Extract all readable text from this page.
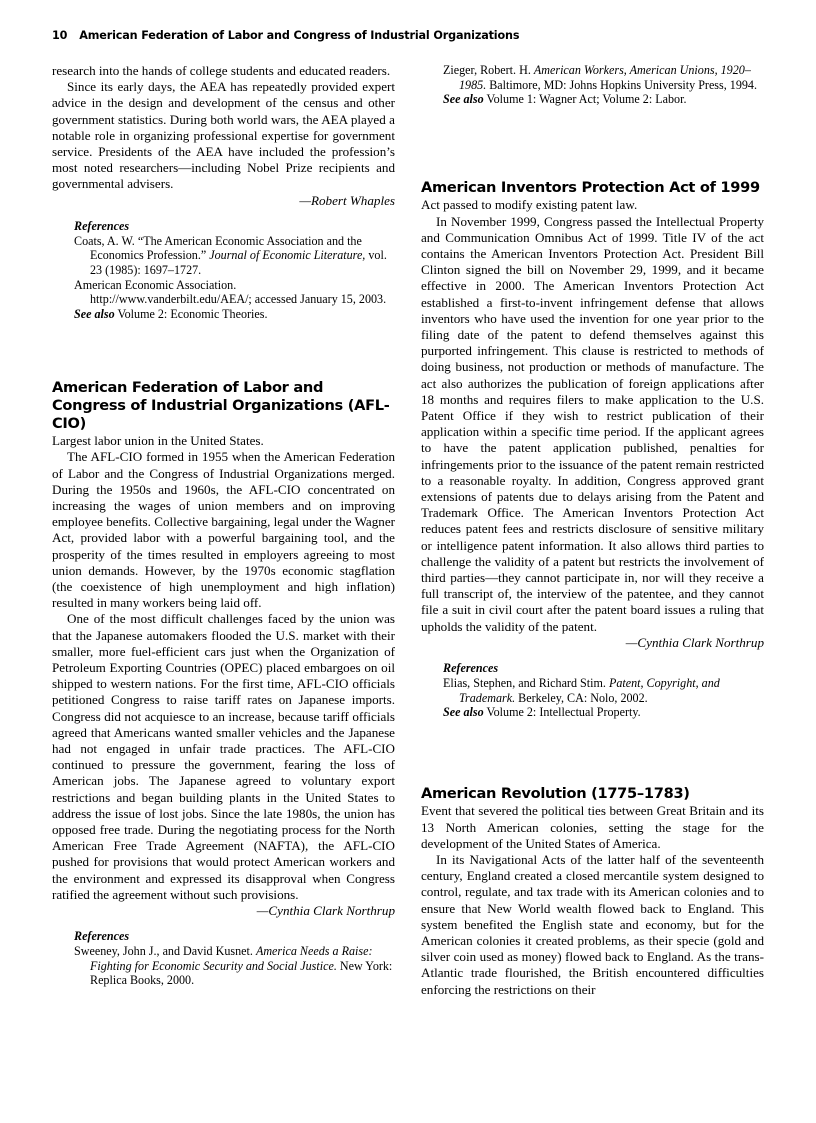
10 American Federation of Labor and Congress of Industrial Organizations

research into the hands of college students and educated readers.

Since its early days, the AEA has repeatedly provided expert advice in the design and development of the census and other government statistics. During both world wars, the AEA played a notable role in organizing professional expertise for government service. Presidents of the AEA have included the profession’s most noted researchers—including Nobel Prize recipients and governmental advisers.

—Robert Whaples

References

Coats, A. W. “The American Economic Association and the Economics Profession.” Journal of Economic Literature, vol. 23 (1985): 1697–1727.

American Economic Association. http://www.vanderbilt.edu/AEA/; accessed January 15, 2003.

See also Volume 2: Economic Theories.

American Federation of Labor and Congress of Industrial Organizations (AFL-CIO)

Largest labor union in the United States.

The AFL-CIO formed in 1955 when the American Federation of Labor and the Congress of Industrial Organizations merged. During the 1950s and 1960s, the AFL-CIO concentrated on increasing the wages of union members and on improving employee benefits. Collective bargaining, legal under the Wagner Act, provided labor with a powerful bargaining tool, and the prosperity of the times resulted in employers agreeing to most union demands. However, by the 1970s economic stagflation (the coexistence of high unemployment and high inflation) resulted in many workers being laid off.

One of the most difficult challenges faced by the union was that the Japanese automakers flooded the U.S. market with their smaller, more fuel-efficient cars just when the Organization of Petroleum Exporting Countries (OPEC) placed embargoes on oil shipped to western nations. For the first time, AFL-CIO officials petitioned Congress to raise tariff rates on Japanese imports. Congress did not acquiesce to an increase, because tariff officials agreed that Americans wanted smaller vehicles and the Japanese had not engaged in unfair trade practices. The AFL-CIO continued to pressure the government, fearing the loss of American jobs. The Japanese agreed to voluntary export restrictions and began building plants in the United States to address the issue of lost jobs. Since the late 1980s, the union has opposed free trade. During the negotiating process for the North American Free Trade Agreement (NAFTA), the AFL-CIO pushed for provisions that would protect American workers and the environment and expressed its disapproval when Congress ratified the agreement without such provisions.

—Cynthia Clark Northrup

References

Sweeney, John J., and David Kusnet. America Needs a Raise: Fighting for Economic Security and Social Justice. New York: Replica Books, 2000.

Zieger, Robert. H. American Workers, American Unions, 1920–1985. Baltimore, MD: Johns Hopkins University Press, 1994.

See also Volume 1: Wagner Act; Volume 2: Labor.

American Inventors Protection Act of 1999

Act passed to modify existing patent law.

In November 1999, Congress passed the Intellectual Property and Communication Omnibus Act of 1999. Title IV of the act contains the American Inventors Protection Act. President Bill Clinton signed the bill on November 29, 1999, and it became effective in 2000. The American Inventors Protection Act established a first-to-invent infringement defense that allows inventors who have used the invention for one year prior to the filing date of the patent to defend themselves against this purported infringement. This clause is restricted to methods of doing business, not production or methods of manufacture. The act also authorizes the publication of foreign applications after 18 months and requires filers to make application to the U.S. Patent Office if they wish to restrict publication of their application within a specific time period. If the applicant agrees to have the patent application published, penalties for infringements prior to the issuance of the patent remain restricted to a reasonable royalty. In addition, Congress approved grant extensions of patents due to delays arising from the Patent and Trademark Office. The American Inventors Protection Act reduces patent fees and restricts disclosure of sensitive military or intelligence patent information. It also allows third parties to challenge the validity of a patent but restricts the involvement of third parties—they cannot participate in, nor will they receive a full transcript of, the interview of the patentee, and they cannot file a suit in civil court after the patent board issues a ruling that upholds the validity of the patent.

—Cynthia Clark Northrup

References

Elias, Stephen, and Richard Stim. Patent, Copyright, and Trademark. Berkeley, CA: Nolo, 2002.

See also Volume 2: Intellectual Property.

American Revolution (1775–1783)

Event that severed the political ties between Great Britain and its 13 North American colonies, setting the stage for the development of the United States of America.

In its Navigational Acts of the latter half of the seventeenth century, England created a closed mercantile system designed to control, regulate, and tax trade with its American colonies and to ensure that New World wealth flowed back to England. This system benefited the English state and economy, but for the American colonies it created problems, as their specie (gold and silver coin used as money) flowed back to England. As the trans-Atlantic trade flourished, the British encountered difficulties enforcing the restrictions on their
